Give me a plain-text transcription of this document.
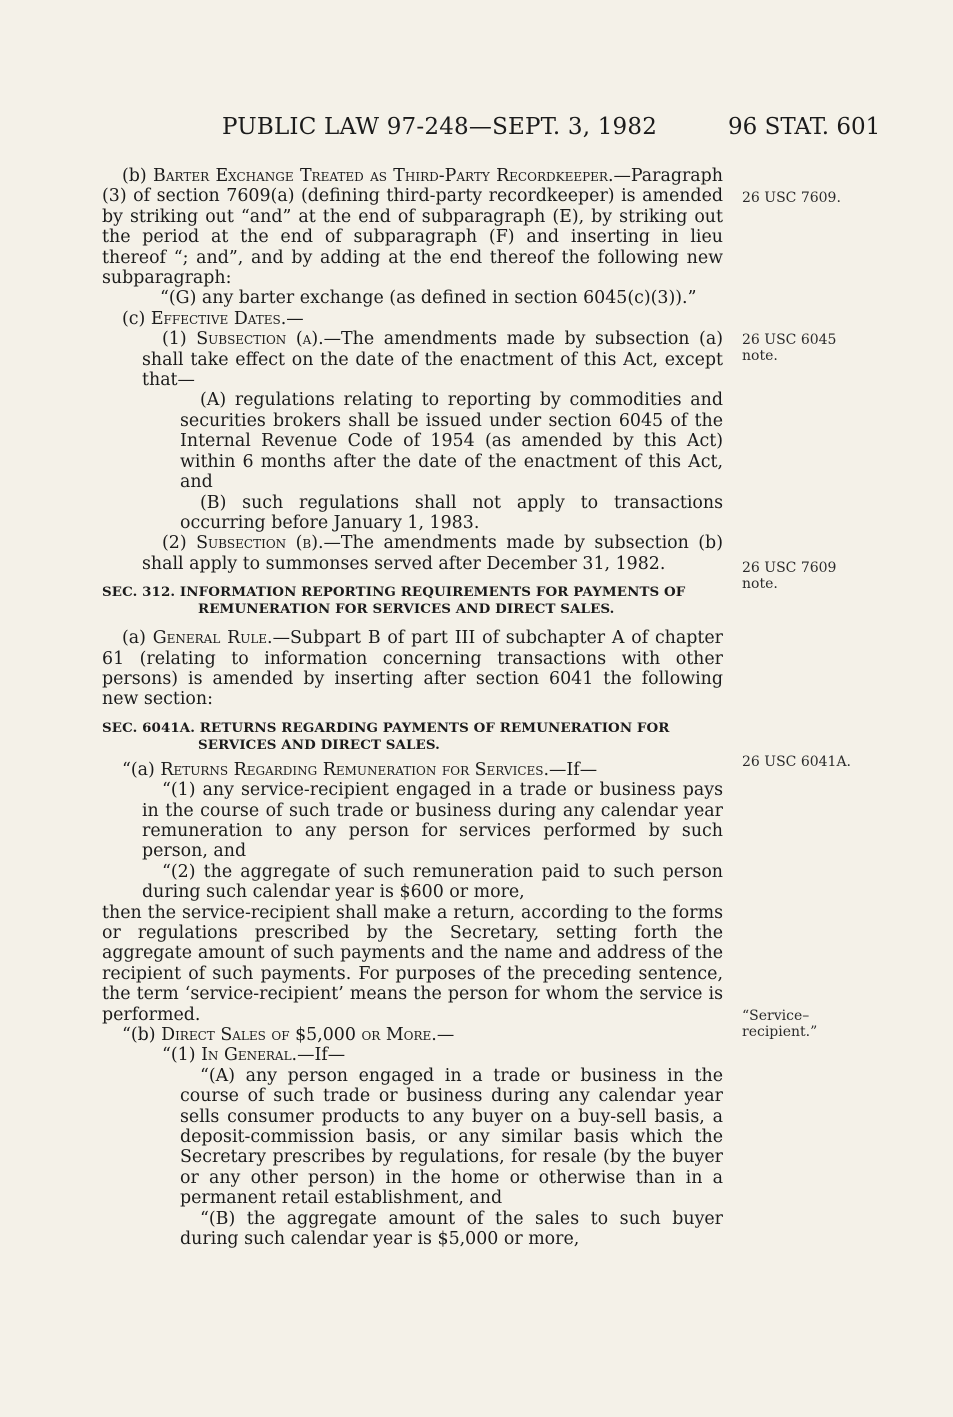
PUBLIC LAW 97-248—SEPT. 3, 1982	96 STAT. 601

(b) Barter Exchange Treated as Third-Party Recordkeeper.—Paragraph (3) of section 7609(a) (defining third-party recordkeeper) is amended by striking out “and” at the end of subparagraph (E), by striking out the period at the end of subparagraph (F) and inserting in lieu thereof “; and”, and by adding at the end thereof the following new subparagraph:

“(G) any barter exchange (as defined in section 6045(c)(3)).”

(c) Effective Dates.—

(1) Subsection (a).—The amendments made by subsection (a) shall take effect on the date of the enactment of this Act, except that—

(A) regulations relating to reporting by commodities and securities brokers shall be issued under section 6045 of the Internal Revenue Code of 1954 (as amended by this Act) within 6 months after the date of the enactment of this Act, and

(B) such regulations shall not apply to transactions occurring before January 1, 1983.

(2) Subsection (b).—The amendments made by subsection (b) shall apply to summonses served after December 31, 1982.

SEC. 312. INFORMATION REPORTING REQUIREMENTS FOR PAYMENTS OF
REMUNERATION FOR SERVICES AND DIRECT SALES.

(a) General Rule.—Subpart B of part III of subchapter A of chapter 61 (relating to information concerning transactions with other persons) is amended by inserting after section 6041 the following new section:

SEC. 6041A. RETURNS REGARDING PAYMENTS OF REMUNERATION FOR
SERVICES AND DIRECT SALES.

“(a) Returns Regarding Remuneration for Services.—If—

“(1) any service-recipient engaged in a trade or business pays in the course of such trade or business during any calendar year remuneration to any person for services performed by such person, and

“(2) the aggregate of such remuneration paid to such person during such calendar year is $600 or more,

then the service-recipient shall make a return, according to the forms or regulations prescribed by the Secretary, setting forth the aggregate amount of such payments and the name and address of the recipient of such payments. For purposes of the preceding sentence, the term ‘service-recipient’ means the person for whom the service is performed.

“(b) Direct Sales of $5,000 or More.—

“(1) In General.—If—

“(A) any person engaged in a trade or business in the course of such trade or business during any calendar year sells consumer products to any buyer on a buy-sell basis, a deposit-commission basis, or any similar basis which the Secretary prescribes by regulations, for resale (by the buyer or any other person) in the home or otherwise than in a permanent retail establishment, and

“(B) the aggregate amount of the sales to such buyer during such calendar year is $5,000 or more,

26 USC 7609.
26 USC 6045
note.
26 USC 7609
note.
26 USC 6041A.
“Service–
recipient.”
